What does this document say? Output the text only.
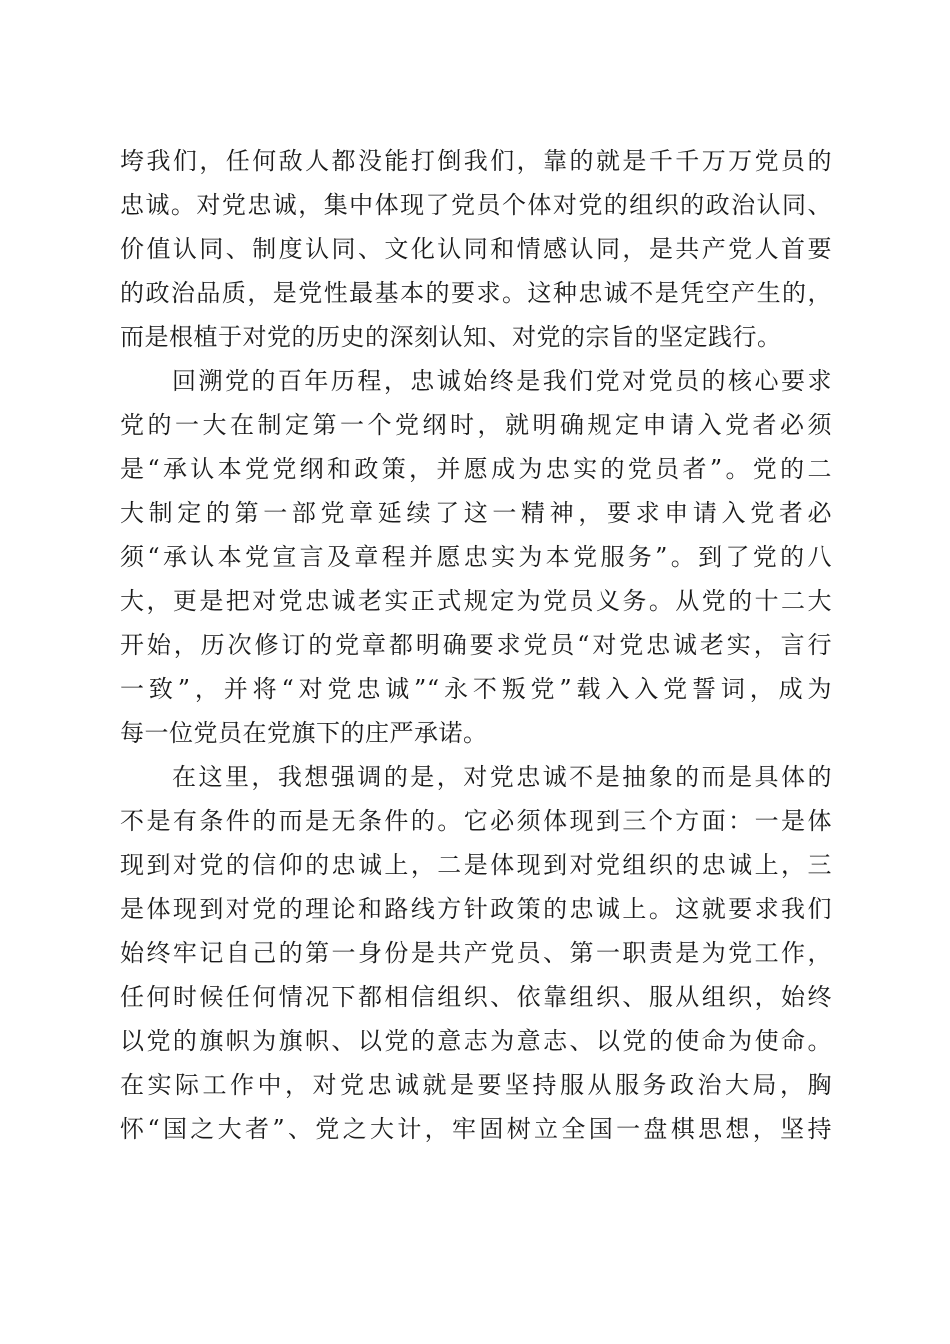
垮我们，任何敌人都没能打倒我们，靠的就是千千万万党员的
忠诚。对党忠诚，集中体现了党员个体对党的组织的政治认同、
价值认同、制度认同、文化认同和情感认同，是共产党人首要
的政治品质，是党性最基本的要求。这种忠诚不是凭空产生的，
而是根植于对党的历史的深刻认知、对党的宗旨的坚定践行。
回溯党的百年历程，忠诚始终是我们党对党员的核心要求
党的一大在制定第一个党纲时，就明确规定申请入党者必须
是“承认本党党纲和政策，并愿成为忠实的党员者”。党的二
大制定的第一部党章延续了这一精神，要求申请入党者必
须“承认本党宣言及章程并愿忠实为本党服务”。到了党的八
大，更是把对党忠诚老实正式规定为党员义务。从党的十二大
开始，历次修订的党章都明确要求党员“对党忠诚老实，言行
一致”，并将“对党忠诚”“永不叛党”载入入党誓词，成为
每一位党员在党旗下的庄严承诺。
在这里，我想强调的是，对党忠诚不是抽象的而是具体的
不是有条件的而是无条件的。它必须体现到三个方面：一是体
现到对党的信仰的忠诚上，二是体现到对党组织的忠诚上，三
是体现到对党的理论和路线方针政策的忠诚上。这就要求我们
始终牢记自己的第一身份是共产党员、第一职责是为党工作，
任何时候任何情况下都相信组织、依靠组织、服从组织，始终
以党的旗帜为旗帜、以党的意志为意志、以党的使命为使命。
在实际工作中，对党忠诚就是要坚持服从服务政治大局，胸
怀“国之大者”、党之大计，牢固树立全国一盘棋思想，坚持
